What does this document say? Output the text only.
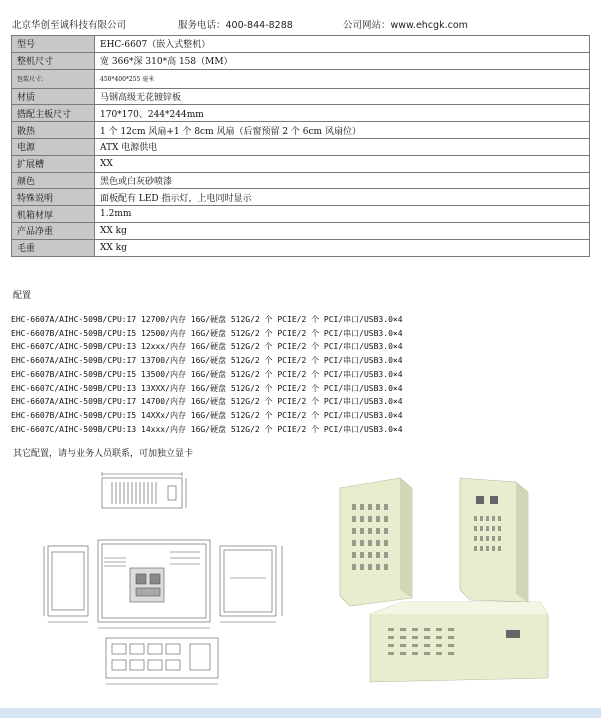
北京华创至诚科技有限公司	服务电话：400-844-8288	公司网站：www.ehcgk.com
型号	EHC-6607（嵌入式整机）
整机尺寸	宽 366*深 310*高 158（MM）
包装尺寸:	450*400*255 毫米
材质	马钢高级无花镀锌板
搭配主板尺寸	170*170、244*244mm
散热	1 个 12cm 风扇+1 个 8cm 风扇（后窗预留 2 个 6cm 风扇位）
电源	ATX 电源供电
扩展槽	XX
颜色	黑色或白灰砂喷漆
特殊说明	面板配有 LED 指示灯，上电同时显示
机箱材厚	1.2mm
产品净重	XX kg
毛重	XX kg
配置
EHC-6607A/AIHC-509B/CPU:I7 12700/内存 16G/硬盘 512G/2 个 PCIE/2 个 PCI/串口/USB3.0×4
EHC-6607B/AIHC-509B/CPU:I5 12500/内存 16G/硬盘 512G/2 个 PCIE/2 个 PCI/串口/USB3.0×4
EHC-6607C/AIHC-509B/CPU:I3 12xxx/内存 16G/硬盘 512G/2 个 PCIE/2 个 PCI/串口/USB3.0×4
EHC-6607A/AIHC-509B/CPU:I7 13700/内存 16G/硬盘 512G/2 个 PCIE/2 个 PCI/串口/USB3.0×4
EHC-6607B/AIHC-509B/CPU:I5 13500/内存 16G/硬盘 512G/2 个 PCIE/2 个 PCI/串口/USB3.0×4
EHC-6607C/AIHC-509B/CPU:I3 13XXX/内存 16G/硬盘 512G/2 个 PCIE/2 个 PCI/串口/USB3.0×4
EHC-6607A/AIHC-509B/CPU:I7 14700/内存 16G/硬盘 512G/2 个 PCIE/2 个 PCI/串口/USB3.0×4
EHC-6607B/AIHC-509B/CPU:I5 14XXx/内存 16G/硬盘 512G/2 个 PCIE/2 个 PCI/串口/USB3.0×4
EHC-6607C/AIHC-509B/CPU:I3 14xxx/内存 16G/硬盘 512G/2 个 PCIE/2 个 PCI/串口/USB3.0×4
其它配置，请与业务人员联系，可加独立显卡
